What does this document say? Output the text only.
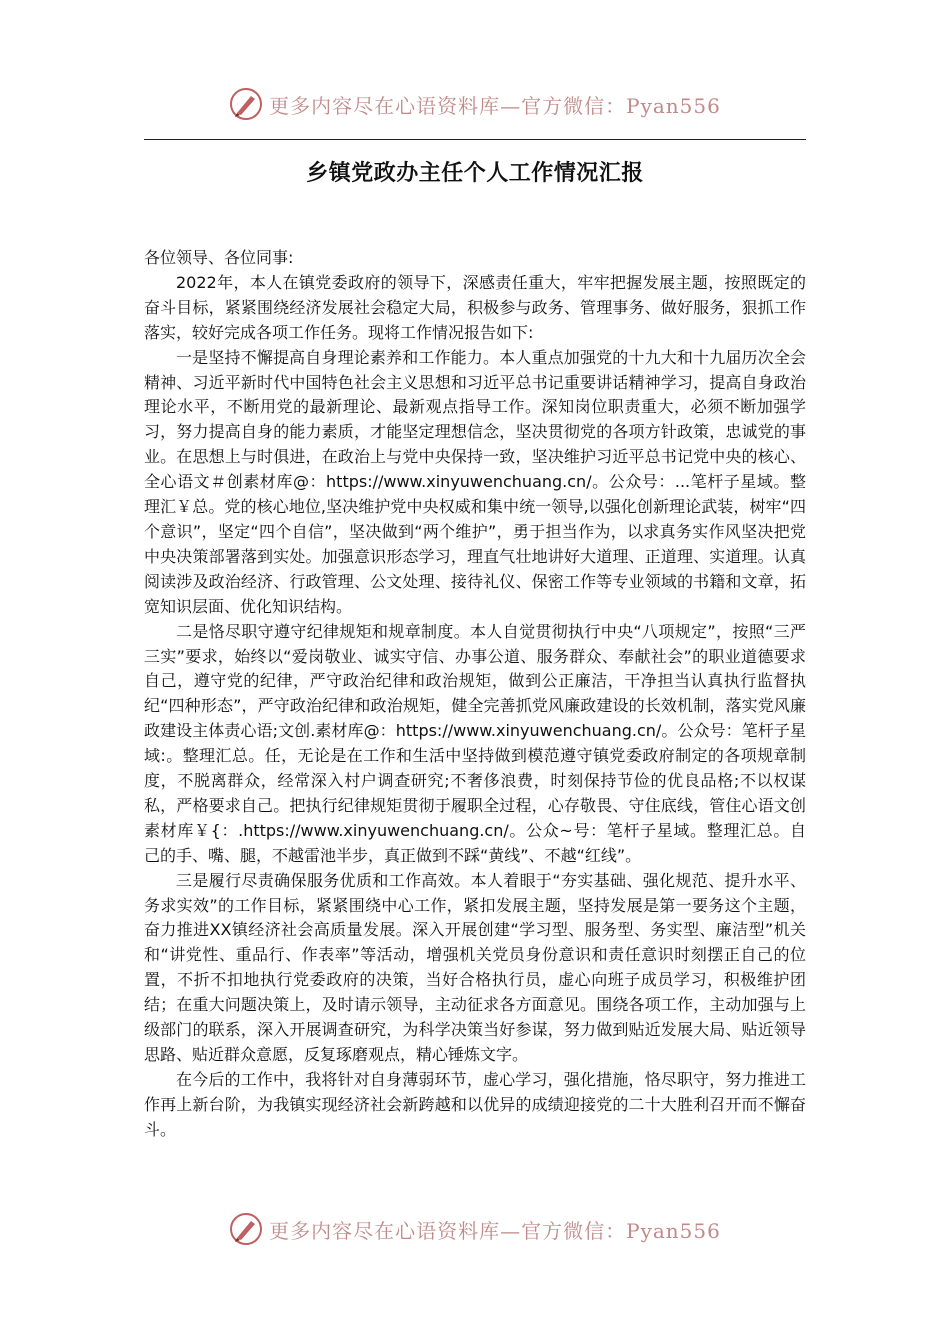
更多内容尽在心语资料库—官方微信：Pyan556
乡镇党政办主任个人工作情况汇报

各位领导、各位同事:

2022年，本人在镇党委政府的领导下，深感责任重大，牢牢把握发展主题，按照既定的奋斗目标，紧紧围绕经济发展社会稳定大局，积极参与政务、管理事务、做好服务，狠抓工作落实，较好完成各项工作任务。现将工作情况报告如下:

一是坚持不懈提高自身理论素养和工作能力。本人重点加强党的十九大和十九届历次全会精神、习近平新时代中国特色社会主义思想和习近平总书记重要讲话精神学习，提高自身政治理论水平，不断用党的最新理论、最新观点指导工作。深知岗位职责重大，必须不断加强学习，努力提高自身的能力素质，才能坚定理想信念，坚决贯彻党的各项方针政策，忠诚党的事业。在思想上与时俱进，在政治上与党中央保持一致，坚决维护习近平总书记党中央的核心、全心语文＃创素材库@：https://www.xinyuwenchuang.cn/。公众号：...笔杆子星域。整理汇￥总。党的核心地位,坚决维护党中央权威和集中统一领导,以强化创新理论武装，树牢“四个意识”，坚定“四个自信”，坚决做到“两个维护”，勇于担当作为，以求真务实作风坚决把党中央决策部署落到实处。加强意识形态学习，理直气壮地讲好大道理、正道理、实道理。认真阅读涉及政治经济、行政管理、公文处理、接待礼仪、保密工作等专业领域的书籍和文章，拓宽知识层面、优化知识结构。

二是恪尽职守遵守纪律规矩和规章制度。本人自觉贯彻执行中央“八项规定”，按照“三严三实”要求，始终以“爱岗敬业、诚实守信、办事公道、服务群众、奉献社会”的职业道德要求自己，遵守党的纪律，严守政治纪律和政治规矩，做到公正廉洁，干净担当认真执行监督执纪“四种形态”，严守政治纪律和政治规矩，健全完善抓党风廉政建设的长效机制，落实党风廉政建设主体责心语;文创.素材库@：https://www.xinyuwenchuang.cn/。公众号：笔杆子星域:。整理汇总。任，无论是在工作和生活中坚持做到模范遵守镇党委政府制定的各项规章制度，不脱离群众，经常深入村户调查研究;不奢侈浪费，时刻保持节俭的优良品格;不以权谋私，严格要求自己。把执行纪律规矩贯彻于履职全过程，心存敬畏、守住底线，管住心语文创素材库￥{：.https://www.xinyuwenchuang.cn/。公众~号：笔杆子星域。整理汇总。自己的手、嘴、腿，不越雷池半步，真正做到不踩“黄线”、不越“红线”。

三是履行尽责确保服务优质和工作高效。本人着眼于“夯实基础、强化规范、提升水平、务求实效”的工作目标，紧紧围绕中心工作，紧扣发展主题，坚持发展是第一要务这个主题，奋力推进XX镇经济社会高质量发展。深入开展创建“学习型、服务型、务实型、廉洁型”机关和“讲党性、重品行、作表率”等活动，增强机关党员身份意识和责任意识时刻摆正自己的位置，不折不扣地执行党委政府的决策，当好合格执行员，虚心向班子成员学习，积极维护团结；在重大问题决策上，及时请示领导，主动征求各方面意见。围绕各项工作，主动加强与上级部门的联系，深入开展调查研究，为科学决策当好参谋，努力做到贴近发展大局、贴近领导思路、贴近群众意愿，反复琢磨观点，精心锤炼文字。

在今后的工作中，我将针对自身薄弱环节，虚心学习，强化措施，恪尽职守，努力推进工作再上新台阶，为我镇实现经济社会新跨越和以优异的成绩迎接党的二十大胜利召开而不懈奋斗。

更多内容尽在心语资料库—官方微信：Pyan556
